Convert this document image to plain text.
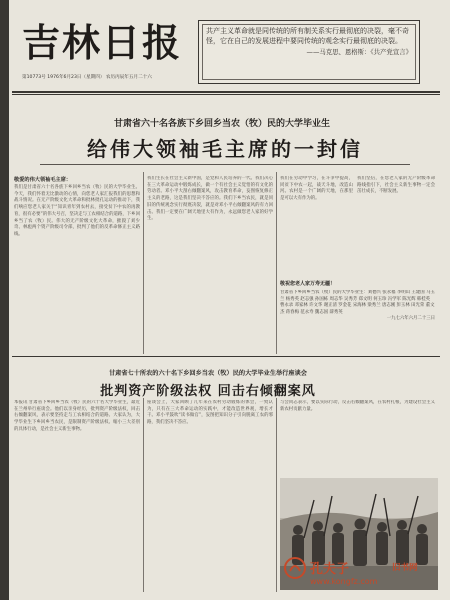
吉林日报
第10773号 1976年6月23日（星期四） 农历丙辰年五月二十六

共产主义革命就是同传统的所有制关系实行最彻底的决裂，毫不奇怪，它在自己的发展进程中要同传统的观念实行最彻底的决裂。

——马克思、恩格斯：《共产党宣言》
甘肃省六十名各族下乡回乡当农（牧）民的大学毕业生
给伟大领袖毛主席的一封信
我们是甘肃省六十名各族下乡回乡当农（牧）民的大学毕业生。今天，我们怀着无比激动的心情，向您老人家汇报我们的思想和战斗情况。在无产阶级文化大革命和批林批孔运动的推动下，我们响应您老人家关于“知识青年到农村去，接受贫下中农的再教育，很有必要”的伟大号召，坚决走与工农相结合的道路，下乡回乡当了农（牧）民。伟大的无产阶级文化大革命，摧毁了刘少奇、林彪两个资产阶级司令部，批判了他们的反革命修正主义路线。
敬爱的伟大领袖毛主席：	我们生长在社会主义新中国，是党和人民培养的一代。我们决心在三大革命运动中锻炼成长，做一个有社会主义觉悟的有文化的劳动者。邓小平大刮右倾翻案风，攻击教育革命，妄图恢复修正主义的老路，这是我们坚决不答应的。我们下乡当农民，就是同旧的传统观念实行彻底决裂，就是对邓小平右倾翻案风的有力回击。我们一定要在广阔天地里大有作为，永远做您老人家的好学生。
我们在劳动中学习，在斗争中提高，同贫下中农一起，战天斗地，改造山河。农村是一个广阔的天地，在那里是可以大有作为的。
我们坚信，在您老人家的无产阶级革命路线指引下，社会主义新生事物一定会茁壮成长，不断发展。
敬祝您老人家万寿无疆！
甘肃省下乡回乡当农（牧）民的大学毕业生：刘德兴 张永福 李明山 王建国 马玉兰 杨秀英 赵志强 孙国栋 周志华 吴秀芳 郑文明 何玉珍 冯学军 陈光辉 韩桂英 曹永录 邓家林 许文华 谢正清 罗金花 宋海林 梁秀兰 唐志刚 彭玉林 田光荣 董文杰 蒋春梅 范永寿 魏志国 薛秀英
一九七六年六月二十三日
甘肃省七十所农的六十名下乡回乡当农（牧）民的大学毕业生举行座谈会
批判资产阶级法权 回击右倾翻案风
本报讯 甘肃省下乡回乡当农（牧）民的六十名大学毕业生，最近在兰州举行座谈会。他们以亲身经历，批判资产阶级法权，回击右倾翻案风，表示要坚持走与工农相结合的道路。大家认为，大学毕业生下乡回乡当农民，是限制资产阶级法权、缩小三大差别的具体行动，是社会主义新生事物。
座谈会上，大家回顾了几年来在农村劳动锻炼的体会，一致认为，只有在三大革命运动的实践中，才能改造世界观，增长才干。邓小平鼓吹“读书做官”，妄图把知识分子引向脱离工农的邪路，我们坚决不答应。
与会同志表示，要以实际行动，反击右倾翻案风，在农村扎根，为建设社会主义新农村贡献力量。
孔夫子	旧书网
www.kongfz.com
